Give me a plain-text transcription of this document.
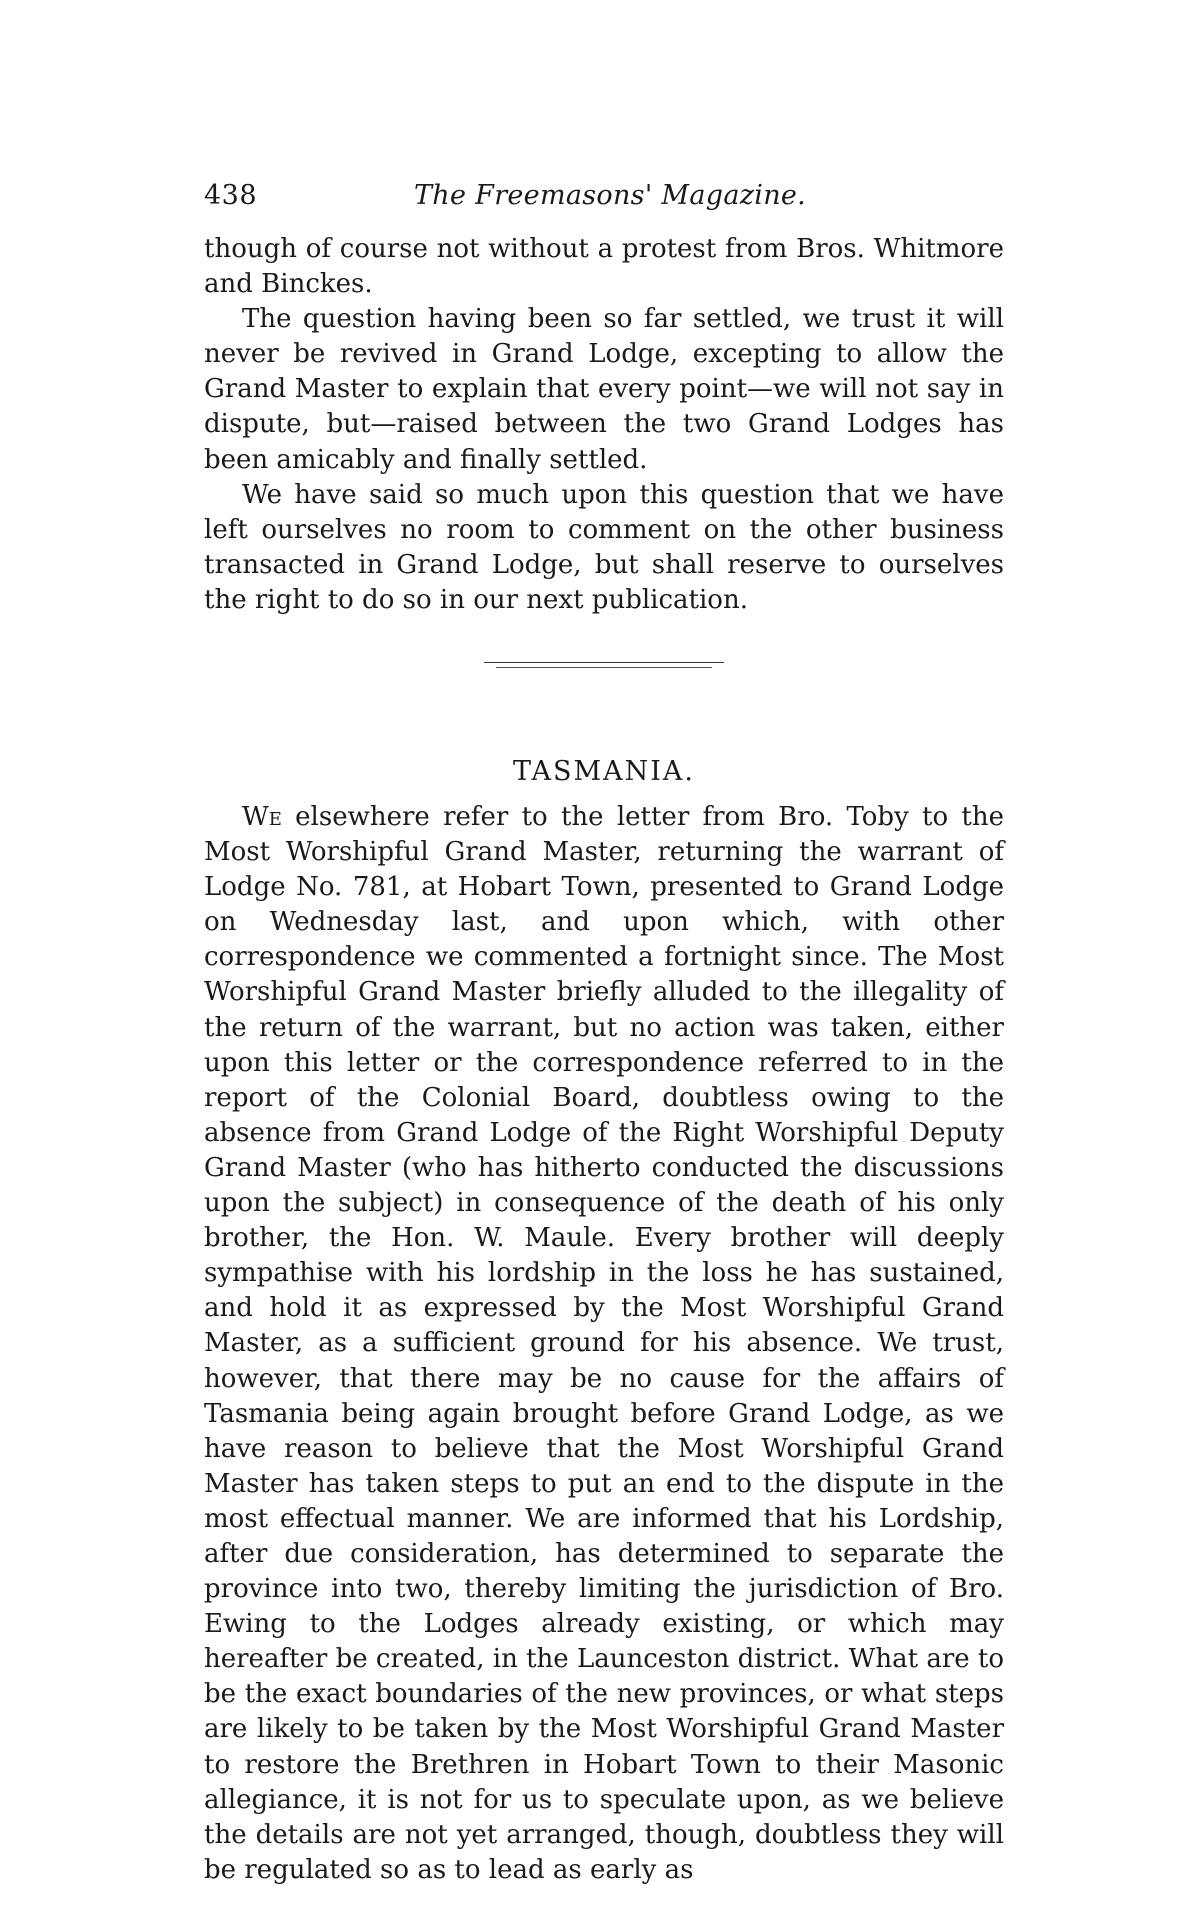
438	The Freemasons' Magazine.

though of course not without a protest from Bros. Whitmore and Binckes.

The question having been so far settled, we trust it will never be revived in Grand Lodge, excepting to allow the Grand Master to explain that every point—we will not say in dispute, but—raised between the two Grand Lodges has been amicably and finally settled.

We have said so much upon this question that we have left ourselves no room to comment on the other business transacted in Grand Lodge, but shall reserve to ourselves the right to do so in our next publication.

TASMANIA.

We elsewhere refer to the letter from Bro. Toby to the Most Worshipful Grand Master, returning the warrant of Lodge No. 781, at Hobart Town, presented to Grand Lodge on Wednesday last, and upon which, with other correspondence we commented a fortnight since. The Most Worshipful Grand Master briefly alluded to the illegality of the return of the warrant, but no action was taken, either upon this letter or the correspondence referred to in the report of the Colonial Board, doubtless owing to the absence from Grand Lodge of the Right Worshipful Deputy Grand Master (who has hitherto conducted the discussions upon the subject) in consequence of the death of his only brother, the Hon. W. Maule. Every brother will deeply sympathise with his lordship in the loss he has sustained, and hold it as expressed by the Most Worshipful Grand Master, as a sufficient ground for his absence. We trust, however, that there may be no cause for the affairs of Tasmania being again brought before Grand Lodge, as we have reason to believe that the Most Worshipful Grand Master has taken steps to put an end to the dispute in the most effectual manner. We are informed that his Lordship, after due consideration, has determined to separate the province into two, thereby limiting the jurisdiction of Bro. Ewing to the Lodges already existing, or which may hereafter be created, in the Launceston district. What are to be the exact boundaries of the new provinces, or what steps are likely to be taken by the Most Worshipful Grand Master to restore the Brethren in Hobart Town to their Masonic allegiance, it is not for us to speculate upon, as we believe the details are not yet arranged, though, doubtless they will be regulated so as to lead as early as
